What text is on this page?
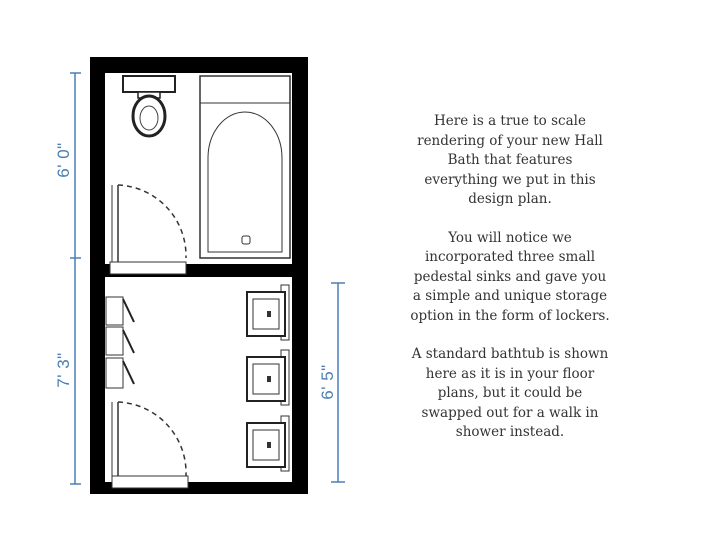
6' 0"
7' 3"	6' 5"

Here is a true to scale rendering of your new Hall Bath that features everything we put in this design plan.

You will notice we incorporated three small pedestal sinks and gave you a simple and unique storage option in the form of lockers.

A standard bathtub is shown here as it is in your floor plans, but it could be swapped out for a walk in shower instead.
